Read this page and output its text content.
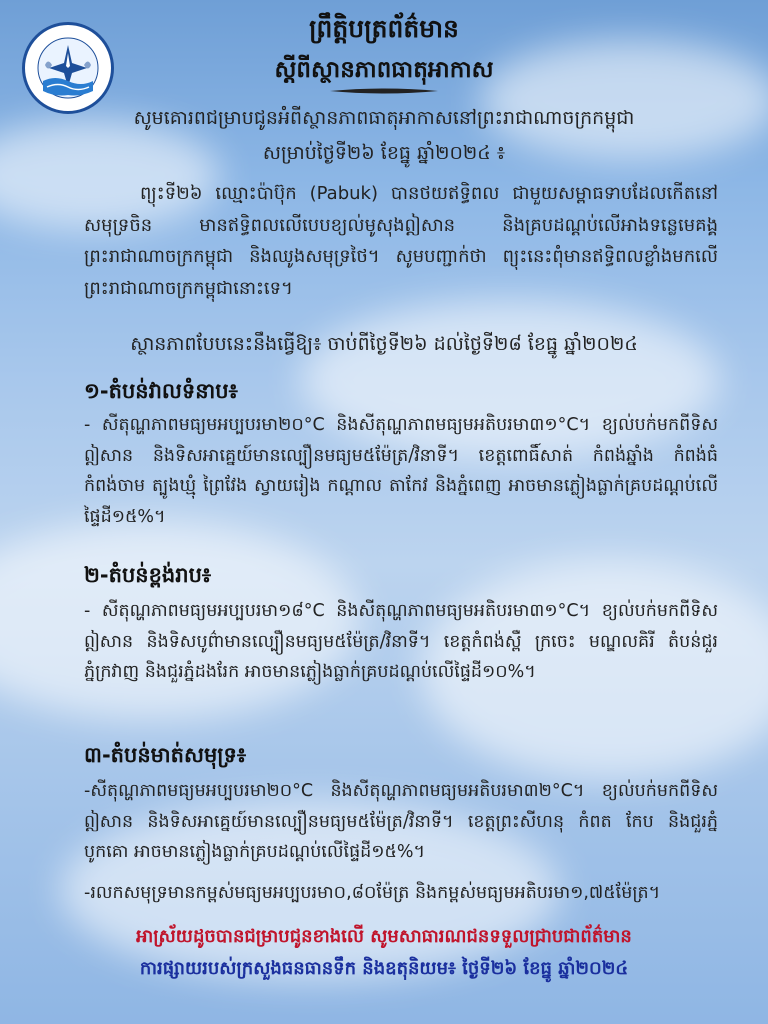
ព្រឹត្តិបត្រព័ត៌មាន
ស្តីពីស្ថានភាពធាតុអាកាស
សូមគោរពជម្រាបជូនអំពីស្ថានភាពធាតុអាកាសនៅព្រះរាជាណាចក្រកម្ពុជា
សម្រាប់ថ្ងៃទី២៦ ខែធ្នូ ឆ្នាំ២០២៤ ៖
ព្យុះទី២៦ ឈ្មោះប៉ាប៊ុក (Pabuk) បានថយឥទ្ធិពល ជាមួយសម្ពាធទាបដែលកើតនៅសមុទ្រចិន មានឥទ្ធិពលលើបេបខ្យល់មូសុងឦសាន និងគ្របដណ្តប់លើអាងទន្លេមេគង្គ ព្រះរាជាណាចក្រកម្ពុជា និងឈូងសមុទ្រថៃ។ សូមបញ្ជាក់ថា ព្យុះនេះពុំមានឥទ្ធិពលខ្លាំងមកលើព្រះរាជាណាចក្រកម្ពុជានោះទេ។
ស្ថានភាពបែបនេះនឹងធ្វើឱ្យ៖ ចាប់ពីថ្ងៃទី២៦ ដល់ថ្ងៃទី២៨ ខែធ្នូ ឆ្នាំ២០២៤
១-តំបន់វាលទំនាប៖
- សីតុណ្ហភាពមធ្យមអប្បបរមា២០°C និងសីតុណ្ហភាពមធ្យមអតិបរមា៣១°C។ ខ្យល់បក់មកពីទិសឦសាន និងទិសអាគ្នេយ៍មានល្បឿនមធ្យម៥ម៉ែត្រ/វិនាទី។ ខេត្តពោធិ៍សាត់ កំពង់ឆ្នាំង កំពង់ធំ កំពង់ចាម ត្បូងឃ្មុំ ព្រៃវែង ស្វាយរៀង កណ្តាល តាកែវ និងភ្នំពេញ អាចមានភ្លៀងធ្លាក់គ្របដណ្តប់លើផ្ទៃដី១៥%។
២-តំបន់ខ្ពង់រាប៖
- សីតុណ្ហភាពមធ្យមអប្បបរមា១៨°C និងសីតុណ្ហភាពមធ្យមអតិបរមា៣១°C។ ខ្យល់បក់មកពីទិសឦសាន និងទិសបូព៌ាមានល្បឿនមធ្យម៥ម៉ែត្រ/វិនាទី។ ខេត្តកំពង់ស្ពឺ ក្រចេះ មណ្ឌលគិរី តំបន់ជួរភ្នំក្រវាញ និងជួរភ្នំដងរែក អាចមានភ្លៀងធ្លាក់គ្របដណ្តប់លើផ្ទៃដី១០%។
៣-តំបន់មាត់សមុទ្រ៖
-សីតុណ្ហភាពមធ្យមអប្បបរមា២០°C និងសីតុណ្ហភាពមធ្យមអតិបរមា៣២°C។ ខ្យល់បក់មកពីទិសឦសាន និងទិសអាគ្នេយ៍មានល្បឿនមធ្យម៥ម៉ែត្រ/វិនាទី។ ខេត្តព្រះសីហនុ កំពត កែប និងជួរភ្នំបូកគោ អាចមានភ្លៀងធ្លាក់គ្របដណ្តប់លើផ្ទៃដី១៥%។
-រលកសមុទ្រមានកម្ពស់មធ្យមអប្បបរមា០,៨០ម៉ែត្រ និងកម្ពស់មធ្យមអតិបរមា១,៧៥ម៉ែត្រ។
អាស្រ័យដូចបានជម្រាបជូនខាងលើ សូមសាធារណជនទទួលជ្រាបជាព័ត៌មាន
ការផ្សាយរបស់ក្រសួងធនធានទឹក និងឧតុនិយម៖ ថ្ងៃទី២៦ ខែធ្នូ ឆ្នាំ២០២៤
